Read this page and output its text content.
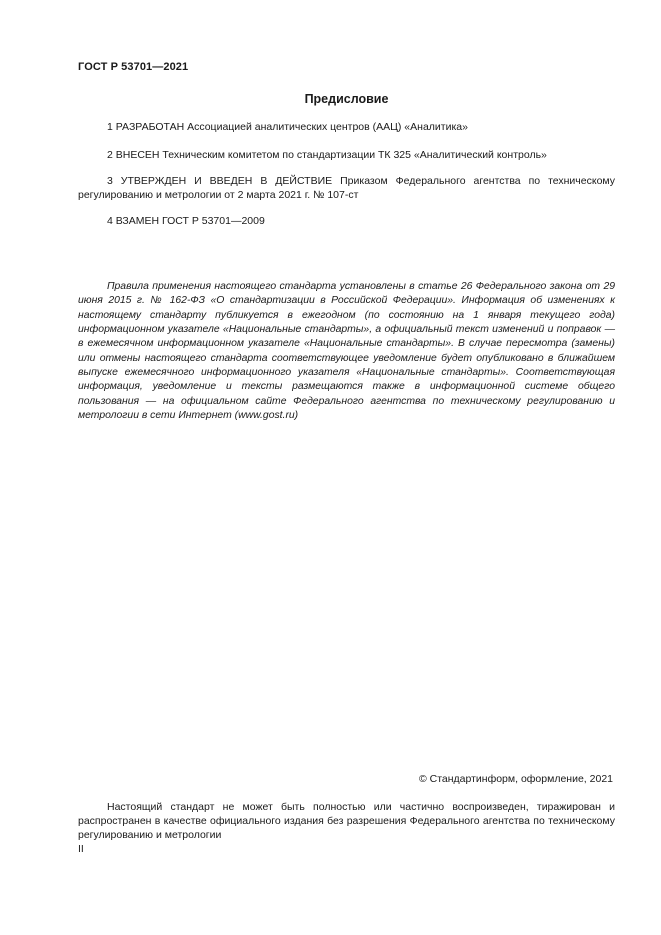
ГОСТ Р 53701—2021
Предисловие

1 РАЗРАБОТАН Ассоциацией аналитических центров (ААЦ) «Аналитика»

2 ВНЕСЕН Техническим комитетом по стандартизации ТК 325 «Аналитический контроль»

3 УТВЕРЖДЕН И ВВЕДЕН В ДЕЙСТВИЕ Приказом Федерального агентства по техническому регулированию и метрологии от 2 марта 2021 г. № 107-ст

4 ВЗАМЕН ГОСТ Р 53701—2009

Правила применения настоящего стандарта установлены в статье 26 Федерального закона от 29 июня 2015 г. № 162-ФЗ «О стандартизации в Российской Федерации». Информация об изменениях к настоящему стандарту публикуется в ежегодном (по состоянию на 1 января текущего года) информационном указателе «Национальные стандарты», а официальный текст изменений и поправок — в ежемесячном информационном указателе «Национальные стандарты». В случае пересмотра (замены) или отмены настоящего стандарта соответствующее уведомление будет опубликовано в ближайшем выпуске ежемесячного информационного указателя «Национальные стандарты». Соответствующая информация, уведомление и тексты размещаются также в информационной системе общего пользования — на официальном сайте Федерального агентства по техническому регулированию и метрологии в сети Интернет (www.gost.ru)

© Стандартинформ, оформление, 2021

Настоящий стандарт не может быть полностью или частично воспроизведен, тиражирован и распространен в качестве официального издания без разрешения Федерального агентства по техническому регулированию и метрологии

II
